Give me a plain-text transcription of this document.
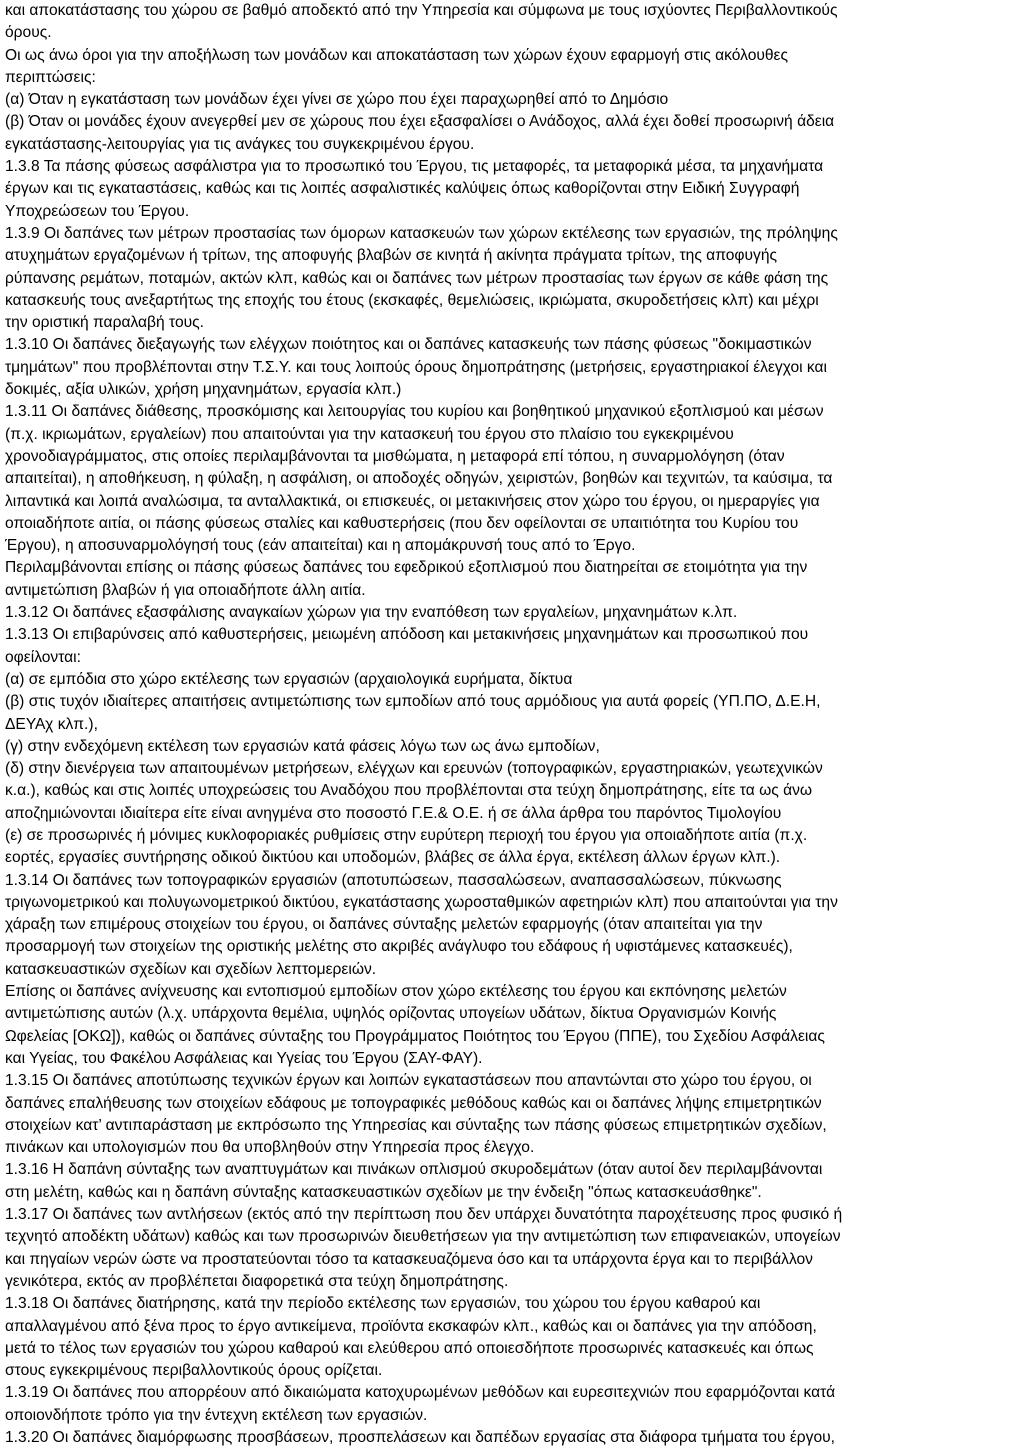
και αποκατάστασης του χώρου σε βαθμό αποδεκτό από την Υπηρεσία και σύμφωνα με τους ισχύοντες Περιβαλλοντικούς
όρους.

Οι ως άνω όροι για την αποξήλωση των μονάδων και αποκατάσταση των χώρων έχουν εφαρμογή στις ακόλουθες
περιπτώσεις:

(α) Όταν η εγκατάσταση των μονάδων έχει γίνει σε χώρο που έχει παραχωρηθεί από το Δημόσιο

(β) Όταν οι μονάδες έχουν ανεγερθεί μεν σε χώρους που έχει εξασφαλίσει ο Ανάδοχος, αλλά έχει δοθεί προσωρινή άδεια
εγκατάστασης-λειτουργίας για τις ανάγκες του συγκεκριμένου έργου.

1.3.8 Τα πάσης φύσεως ασφάλιστρα για το προσωπικό του Έργου, τις μεταφορές, τα μεταφορικά μέσα, τα μηχανήματα
έργων και τις εγκαταστάσεις, καθώς και τις λοιπές ασφαλιστικές καλύψεις όπως καθορίζονται στην Ειδική Συγγραφή
Υποχρεώσεων του Έργου.

1.3.9 Οι δαπάνες των μέτρων προστασίας των όμορων κατασκευών των χώρων εκτέλεσης των εργασιών, της πρόληψης
ατυχημάτων εργαζομένων ή τρίτων, της αποφυγής βλαβών σε κινητά ή ακίνητα πράγματα τρίτων, της αποφυγής
ρύπανσης ρεμάτων, ποταμών, ακτών κλπ, καθώς και οι δαπάνες των μέτρων προστασίας των έργων σε κάθε φάση της
κατασκευής τους ανεξαρτήτως της εποχής του έτους (εκσκαφές, θεμελιώσεις, ικριώματα, σκυροδετήσεις κλπ) και μέχρι
την οριστική παραλαβή τους.

1.3.10 Οι δαπάνες διεξαγωγής των ελέγχων ποιότητος και οι δαπάνες κατασκευής των πάσης φύσεως "δοκιμαστικών
τμημάτων" που προβλέπονται στην Τ.Σ.Υ. και τους λοιπούς όρους δημοπράτησης (μετρήσεις, εργαστηριακοί έλεγχοι και
δοκιμές, αξία υλικών, χρήση μηχανημάτων, εργασία κλπ.)

1.3.11 Οι δαπάνες διάθεσης, προσκόμισης και λειτουργίας του κυρίου και βοηθητικού μηχανικού εξοπλισμού και μέσων
(π.χ. ικριωμάτων, εργαλείων) που απαιτούνται για την κατασκευή του έργου στο πλαίσιο του εγκεκριμένου
χρονοδιαγράμματος, στις οποίες περιλαμβάνονται τα μισθώματα, η μεταφορά επί τόπου, η συναρμολόγηση (όταν
απαιτείται), η αποθήκευση, η φύλαξη, η ασφάλιση, οι αποδοχές οδηγών, χειριστών, βοηθών και τεχνιτών, τα καύσιμα, τα
λιπαντικά και λοιπά αναλώσιμα, τα ανταλλακτικά, οι επισκευές, οι μετακινήσεις στον χώρο του έργου, οι ημεραργίες για
οποιαδήποτε αιτία, οι πάσης φύσεως σταλίες και καθυστερήσεις (που δεν οφείλονται σε υπαιτιότητα του Κυρίου του
Έργου), η αποσυναρμολόγησή τους (εάν απαιτείται) και η απομάκρυνσή τους από το Έργο.

Περιλαμβάνονται επίσης οι πάσης φύσεως δαπάνες του εφεδρικού εξοπλισμού που διατηρείται σε ετοιμότητα για την
αντιμετώπιση βλαβών ή για οποιαδήποτε άλλη αιτία.

1.3.12 Οι δαπάνες εξασφάλισης αναγκαίων χώρων για την εναπόθεση των εργαλείων, μηχανημάτων κ.λπ.

1.3.13 Οι επιβαρύνσεις από καθυστερήσεις, μειωμένη απόδοση και μετακινήσεις μηχανημάτων και προσωπικού που
οφείλονται:

(α) σε εμπόδια στο χώρο εκτέλεσης των εργασιών (αρχαιολογικά ευρήματα, δίκτυα

(β) στις τυχόν ιδιαίτερες απαιτήσεις αντιμετώπισης των εμποδίων από τους αρμόδιους για αυτά φορείς (ΥΠ.ΠΟ, Δ.Ε.Η,
ΔΕΥΑχ κλπ.),

(γ) στην ενδεχόμενη εκτέλεση των εργασιών κατά φάσεις λόγω των ως άνω εμποδίων,

(δ) στην διενέργεια των απαιτουμένων μετρήσεων, ελέγχων και ερευνών (τοπογραφικών, εργαστηριακών, γεωτεχνικών
κ.α.), καθώς και στις λοιπές υποχρεώσεις του Αναδόχου που προβλέπονται στα τεύχη δημοπράτησης, είτε τα ως άνω
αποζημιώνονται ιδιαίτερα είτε είναι ανηγμένα στο ποσοστό Γ.Ε.& Ο.Ε. ή σε άλλα άρθρα του παρόντος Τιμολογίου

(ε) σε προσωρινές ή μόνιμες κυκλοφοριακές ρυθμίσεις στην ευρύτερη περιοχή του έργου για οποιαδήποτε αιτία (π.χ.
εορτές, εργασίες συντήρησης οδικού δικτύου και υποδομών, βλάβες σε άλλα έργα, εκτέλεση άλλων έργων κλπ.).

1.3.14 Οι δαπάνες των τοπογραφικών εργασιών (αποτυπώσεων, πασσαλώσεων, αναπασσαλώσεων, πύκνωσης
τριγωνομετρικού και πολυγωνομετρικού δικτύου, εγκατάστασης χωροσταθμικών αφετηριών κλπ) που απαιτούνται για την
χάραξη των επιμέρους στοιχείων του έργου, οι δαπάνες σύνταξης μελετών εφαρμογής (όταν απαιτείται για την
προσαρμογή των στοιχείων της οριστικής μελέτης στο ακριβές ανάγλυφο του εδάφους ή υφιστάμενες κατασκευές),
κατασκευαστικών σχεδίων και σχεδίων λεπτομερειών.

Επίσης οι δαπάνες ανίχνευσης και εντοπισμού εμποδίων στον χώρο εκτέλεσης του έργου και εκπόνησης μελετών
αντιμετώπισης αυτών (λ.χ. υπάρχοντα θεμέλια, υψηλός ορίζοντας υπογείων υδάτων, δίκτυα Οργανισμών Κοινής
Ωφελείας [ΟΚΩ]), καθώς οι δαπάνες σύνταξης του Προγράμματος Ποιότητος του Έργου (ΠΠΕ), του Σχεδίου Ασφάλειας
και Υγείας, του Φακέλου Ασφάλειας και Υγείας του Έργου (ΣΑΥ-ΦΑΥ).

1.3.15 Οι δαπάνες αποτύπωσης τεχνικών έργων και λοιπών εγκαταστάσεων που απαντώνται στο χώρο του έργου, οι
δαπάνες επαλήθευσης των στοιχείων εδάφους με τοπογραφικές μεθόδους καθώς και οι δαπάνες λήψης επιμετρητικών
στοιχείων κατ’ αντιπαράσταση με εκπρόσωπο της Υπηρεσίας και σύνταξης των πάσης φύσεως επιμετρητικών σχεδίων,
πινάκων και υπολογισμών που θα υποβληθούν στην Υπηρεσία προς έλεγχο.

1.3.16 Η δαπάνη σύνταξης των αναπτυγμάτων και πινάκων οπλισμού σκυροδεμάτων (όταν αυτοί δεν περιλαμβάνονται
στη μελέτη, καθώς και η δαπάνη σύνταξης κατασκευαστικών σχεδίων με την ένδειξη "όπως κατασκευάσθηκε".

1.3.17 Οι δαπάνες των αντλήσεων (εκτός από την περίπτωση που δεν υπάρχει δυνατότητα παροχέτευσης προς φυσικό ή
τεχνητό αποδέκτη υδάτων) καθώς και των προσωρινών διευθετήσεων για την αντιμετώπιση των επιφανειακών, υπογείων
και πηγαίων νερών ώστε να προστατεύονται τόσο τα κατασκευαζόμενα όσο και τα υπάρχοντα έργα και το περιβάλλον
γενικότερα, εκτός αν προβλέπεται διαφορετικά στα τεύχη δημοπράτησης.

1.3.18 Οι δαπάνες διατήρησης, κατά την περίοδο εκτέλεσης των εργασιών, του χώρου του έργου καθαρού και
απαλλαγμένου από ξένα προς το έργο αντικείμενα, προϊόντα εκσκαφών κλπ., καθώς και οι δαπάνες για την απόδοση,
μετά το τέλος των εργασιών του χώρου καθαρού και ελεύθερου από οποιεσδήποτε προσωρινές κατασκευές και όπως
στους εγκεκριμένους περιβαλλοντικούς όρους ορίζεται.

1.3.19 Οι δαπάνες που απορρέουν από δικαιώματα κατοχυρωμένων μεθόδων και ευρεσιτεχνιών που εφαρμόζονται κατά
οποιονδήποτε τρόπο για την έντεχνη εκτέλεση των εργασιών.

1.3.20 Οι δαπάνες διαμόρφωσης προσβάσεων, προσπελάσεων και δαπέδων εργασίας στα διάφορα τμήματα του έργου,
